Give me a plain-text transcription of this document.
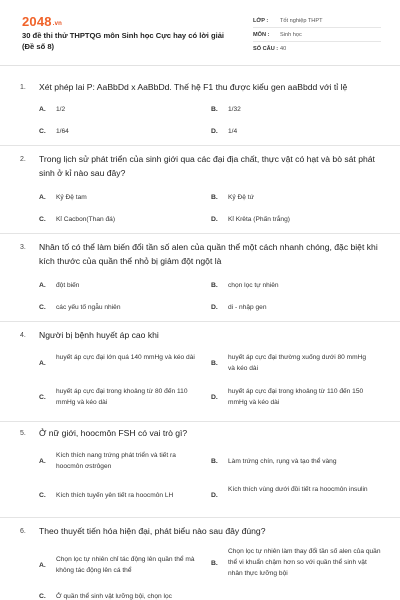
2048.vn
30 đề thi thử THPTQG môn Sinh học Cực hay có lời giải (Đề số 8)
LỚP :	Tốt nghiệp THPT
MÔN :	Sinh học
SỐ CÂU : 40
1. Xét phép lai P: AaBbDd x AaBbDd. Thế hệ F1 thu được kiểu gen aaBbdd với tỉ lệ
A. 1/2	B. 1/32
C. 1/64	D. 1/4
2. Trong lịch sử phát triển của sinh giới qua các đại địa chất, thực vật có hạt và bò sát phát sinh ở kỉ nào sau đây?
A. Kỷ Đệ tam	B. Kỷ Đệ tứ
C. Kỉ Cacbon(Than đá)	D. Kỉ Krêta (Phấn trắng)
3. Nhân tố có thể làm biến đổi tần số alen của quần thể một cách nhanh chóng, đặc biệt khi kích thước của quần thể nhỏ bị giảm đột ngột là
A. đột biến	B. chọn lọc tự nhiên
C. các yếu tố ngẫu nhiên	D. di - nhập gen
4. Người bị bệnh huyết áp cao khi
A.
huyết áp cực đại lớn quá 140 mmHg và kéo dài
B.
huyết áp cực đại thường xuống dưới 80 mmHg và kéo dài
C.
huyết áp cực đại trong khoảng từ 80 đến 110 mmHg và kéo dài
D.
huyết áp cực đại trong khoảng từ 110 đến 150 mmHg và kéo dài
5. Ở nữ giới, hoocmôn FSH có vai trò gì?
A.
Kích thích nang trứng phát triển và tiết ra hoocmôn ơstrôgen
B. Làm trứng chín, rụng và tạo thể vàng
C. Kích thích tuyến yên tiết ra hoocmôn LH	D.
Kích thích vùng dưới đồi tiết ra hoocmôn insulin
6. Theo thuyết tiến hóa hiện đại, phát biểu nào sau đây đúng?
A.
Chọn lọc tự nhiên chỉ tác động lên quần thể mà không tác động lên cá thể
B.
Chọn lọc tự nhiên làm thay đổi tần số alen của quần thể vi khuẩn chậm hơn so với quần thể sinh vật nhân thực lưỡng bội
C. Ở quần thể sinh vật lưỡng bội, chọn lọc
